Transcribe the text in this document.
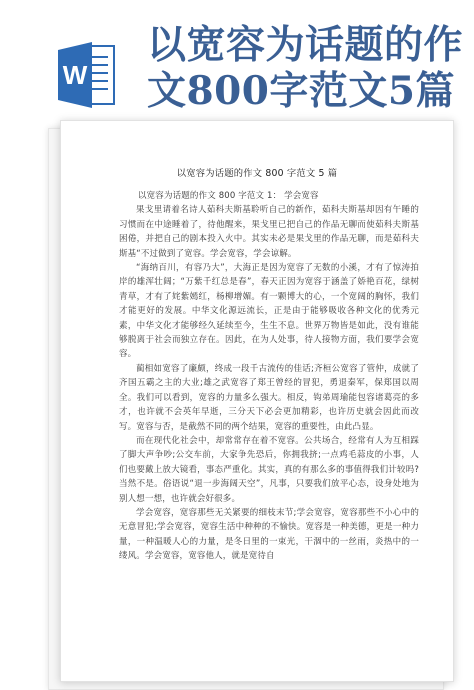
W
以宽容为话题的作
文800字范文5篇
以宽容为话题的作文 800 字范文 5 篇

以宽容为话题的作文 800 字范文 1： 学会宽容

果戈里请着名诗人茹科夫斯基聆听自己的新作，茹科夫斯基却因有午睡的习惯而在中途睡着了，待他醒来，果戈里已把自己的作品无聊而使茹科夫斯基困倦，并把自己的剧本投入火中。其实未必是果戈里的作品无聊，而是茹科夫斯基“不过做到了宽容。学会宽容，学会谅解。

“海纳百川，有容乃大”，大海正是因为宽容了无数的小溪，才有了惊涛拍岸的雄浑壮阔；“万紫千红总是春”，春天正因为宽容于涵盖了娇艳百花，绿树青草，才有了姹紫嫣红，杨柳增媚。有一颗博大的心，一个宽阔的胸怀，我们才能更好的发展。中华文化源远流长，正是由于能够吸收各种文化的优秀元素，中华文化才能够经久延续至今，生生不息。世界万物皆是如此，没有谁能够脱离于社会而独立存在。因此，在为人处事，待人接物方面，我们要学会宽容。

蔺相如宽容了廉颇，终成一段千古流传的佳话;齐桓公宽容了管仲，成就了齐国五霸之主的大业;雄之武宽容了郑王曾经的冒犯，勇退秦军，保郑国以周全。我们可以看到，宽容的力量多么强大。相反，钩弟周瑜能包容诸葛亮的多才，也许就不会英年早逝，三分天下必会更加精彩，也许历史就会因此而改写。宽容与否，是截然不同的两个结果，宽容的重要性，由此凸显。

而在现代化社会中，却常常存在着不宽容。公共场合，经常有人为互相踩了脚大声争吵;公交车前，大家争先恐后，你拥我挤;一点鸡毛蒜皮的小事，人们也要戴上放大镜看，事态严重化。其实，真的有那么多的事值得我们计较吗?当然不是。俗语说“退一步海阔天空”，凡事，只要我们放平心态，设身处地为别人想一想，也许就会好很多。

学会宽容，宽容那些无关紧要的细枝末节;学会宽容，宽容那些不小心中的无意冒犯;学会宽容，宽容生活中种种的不愉快。宽容是一种美德，更是一种力量，一种温暖人心的力量，是冬日里的一束光，干涸中的一丝雨，炎热中的一缕风。学会宽容，宽容他人，就是宽待自
